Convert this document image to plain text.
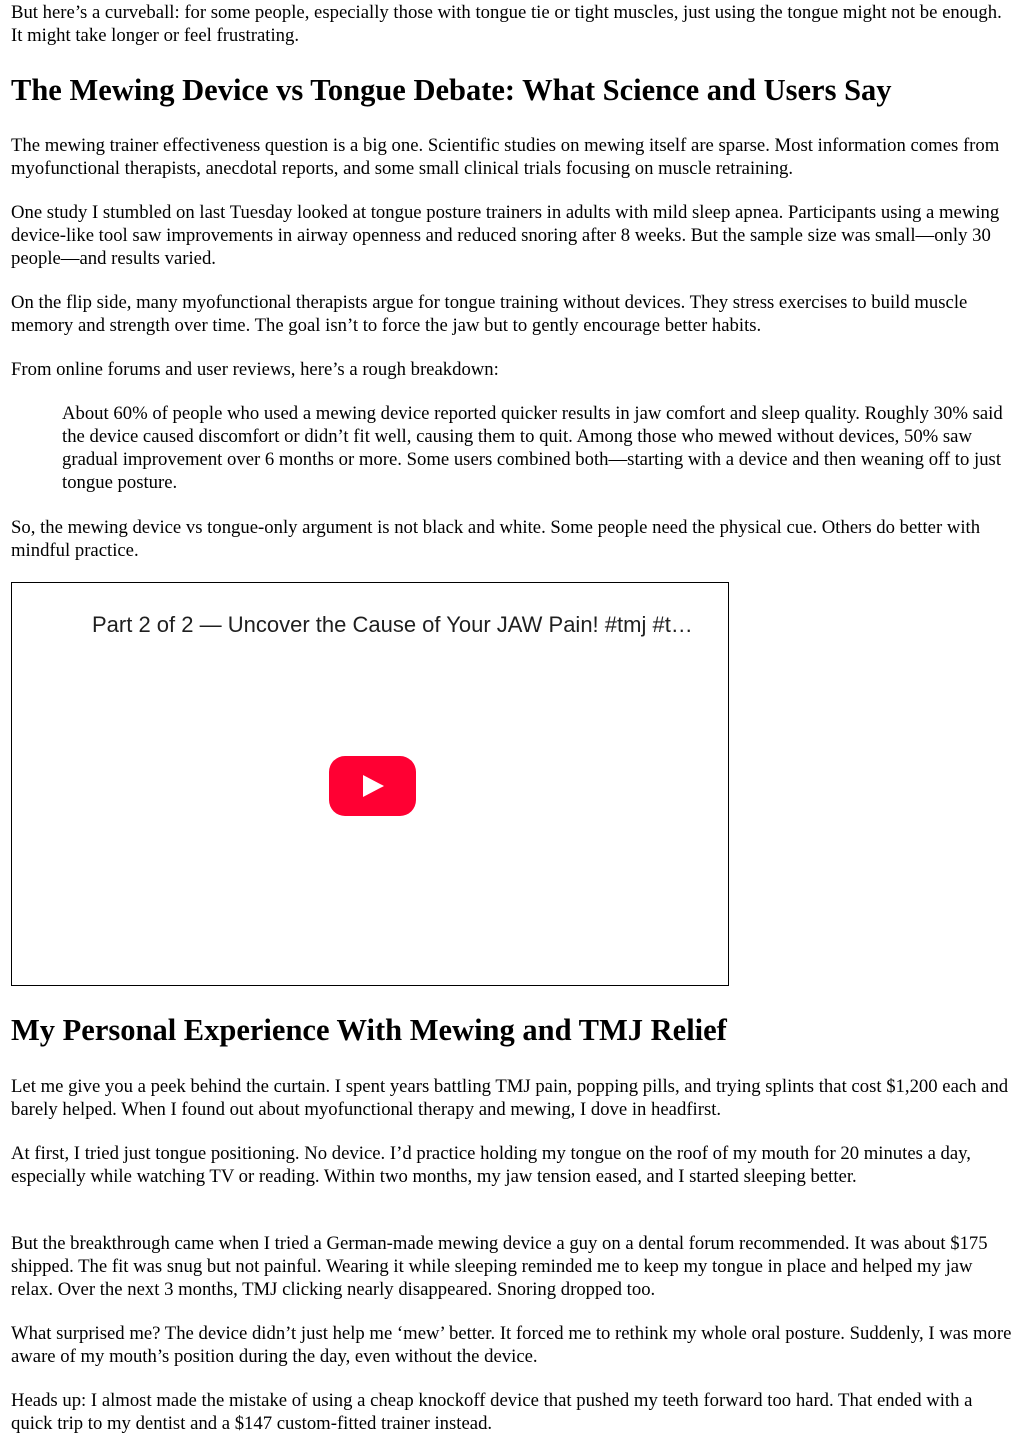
But here’s a curveball: for some people, especially those with tongue tie or tight muscles, just using the tongue might not be enough. It might take longer or feel frustrating.

The Mewing Device vs Tongue Debate: What Science and Users Say

The mewing trainer effectiveness question is a big one. Scientific studies on mewing itself are sparse. Most information comes from myofunctional therapists, anecdotal reports, and some small clinical trials focusing on muscle retraining.

One study I stumbled on last Tuesday looked at tongue posture trainers in adults with mild sleep apnea. Participants using a mewing device-like tool saw improvements in airway openness and reduced snoring after 8 weeks. But the sample size was small—only 30 people—and results varied.

On the flip side, many myofunctional therapists argue for tongue training without devices. They stress exercises to build muscle memory and strength over time. The goal isn’t to force the jaw but to gently encourage better habits.

From online forums and user reviews, here’s a rough breakdown:

About 60% of people who used a mewing device reported quicker results in jaw comfort and sleep quality. Roughly 30% said the device caused discomfort or didn’t fit well, causing them to quit. Among those who mewed without devices, 50% saw gradual improvement over 6 months or more. Some users combined both—starting with a device and then weaning off to just tongue posture.

So, the mewing device vs tongue-only argument is not black and white. Some people need the physical cue. Others do better with mindful practice.

Part 2 of 2 — Uncover the Cause of Your JAW Pain! #tmj #t…
My Personal Experience With Mewing and TMJ Relief

Let me give you a peek behind the curtain. I spent years battling TMJ pain, popping pills, and trying splints that cost $1,200 each and barely helped. When I found out about myofunctional therapy and mewing, I dove in headfirst.

At first, I tried just tongue positioning. No device. I’d practice holding my tongue on the roof of my mouth for 20 minutes a day, especially while watching TV or reading. Within two months, my jaw tension eased, and I started sleeping better.

But the breakthrough came when I tried a German-made mewing device a guy on a dental forum recommended. It was about $175 shipped. The fit was snug but not painful. Wearing it while sleeping reminded me to keep my tongue in place and helped my jaw relax. Over the next 3 months, TMJ clicking nearly disappeared. Snoring dropped too.

What surprised me? The device didn’t just help me ‘mew’ better. It forced me to rethink my whole oral posture. Suddenly, I was more aware of my mouth’s position during the day, even without the device.

Heads up: I almost made the mistake of using a cheap knockoff device that pushed my teeth forward too hard. That ended with a quick trip to my dentist and a $147 custom-fitted trainer instead.
